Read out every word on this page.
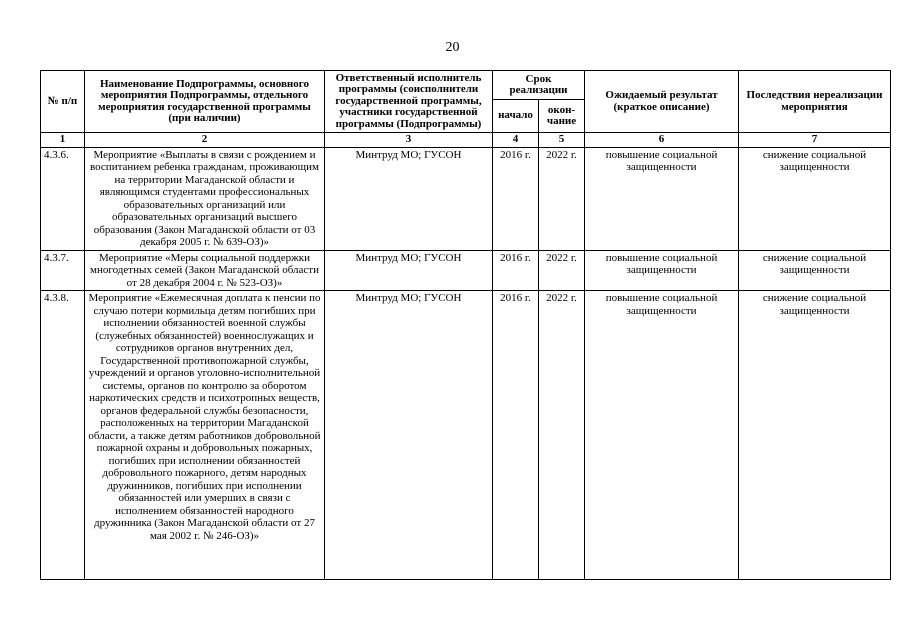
20
№ п/п	Наименование Подпрограммы, основного мероприятия Подпрограммы, отдельного мероприятия государственной программы (при наличии)	Ответственный исполнитель программы (соисполнители государственной программы, участники государственной программы (Подпрограммы)	Срок реализации		Ожидаемый результат (краткое описание)	Последствия нереализации мероприятия
			начало	окон-чание		
1	2	3	4	5	6	7
4.3.6.	Мероприятие «Выплаты в связи с рождением и воспитанием ребенка гражданам, проживающим на территории Магаданской области и являющимся студентами профессиональных образовательных организаций или образовательных организаций высшего образования (Закон Магаданской области от 03 декабря 2005 г. № 639-ОЗ)»	Минтруд МО; ГУСОН	2016 г.	2022 г.	повышение социальной защищенности	снижение социальной защищенности
4.3.7.	Мероприятие «Меры социальной поддержки многодетных семей (Закон Магаданской области от 28 декабря 2004 г. № 523-ОЗ)»	Минтруд МО; ГУСОН	2016 г.	2022 г.	повышение социальной защищенности	снижение социальной защищенности
4.3.8.	Мероприятие «Ежемесячная доплата к пенсии по случаю потери кормильца детям погибших при исполнении обязанностей военной службы (служебных обязанностей) военнослужащих и сотрудников органов внутренних дел, Государственной противопожарной службы, учреждений и органов уголовно-исполнительной системы, органов по контролю за оборотом наркотических средств и психотропных веществ, органов федеральной службы безопасности, расположенных на территории Магаданской области, а также детям работников добровольной пожарной охраны и добровольных пожарных, погибших при исполнении обязанностей добровольного пожарного, детям народных дружинников, погибших при исполнении обязанностей или умерших в связи с исполнением обязанностей народного дружинника (Закон Магаданской области от 27 мая 2002 г. № 246-ОЗ)»	Минтруд МО; ГУСОН	2016 г.	2022 г.	повышение социальной защищенности	снижение социальной защищенности
